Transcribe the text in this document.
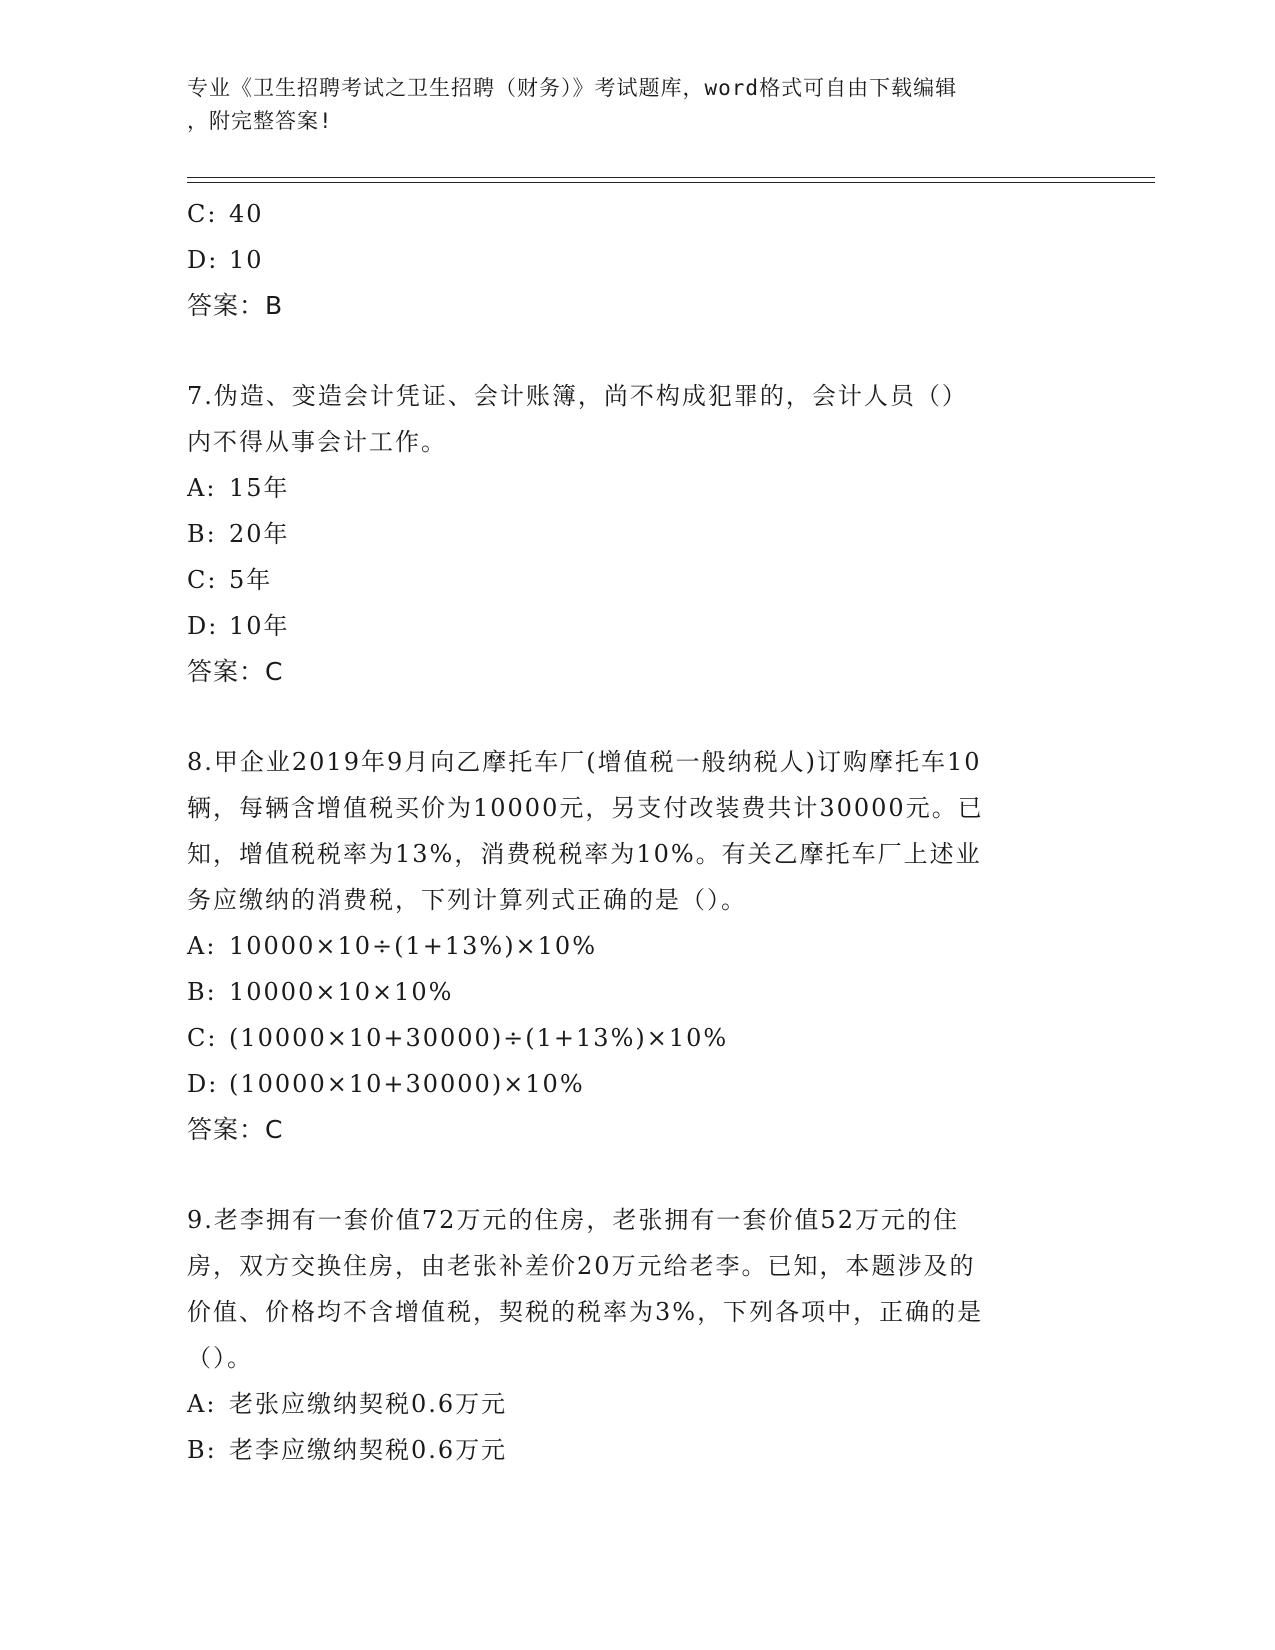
专业《卫生招聘考试之卫生招聘（财务）》考试题库，word格式可自由下载编辑
，附完整答案!
C: 40
D: 10
答案：B
7.伪造、变造会计凭证、会计账簿，尚不构成犯罪的，会计人员（）
内不得从事会计工作。
A: 15年
B: 20年
C: 5年
D: 10年
答案：C
8.甲企业2019年9月向乙摩托车厂(增值税一般纳税人)订购摩托车10
辆，每辆含增值税买价为10000元，另支付改装费共计30000元。已
知，增值税税率为13%，消费税税率为10%。有关乙摩托车厂上述业
务应缴纳的消费税，下列计算列式正确的是（）。
A: 10000×10÷(1+13%)×10%
B: 10000×10×10%
C: (10000×10+30000)÷(1+13%)×10%
D: (10000×10+30000)×10%
答案：C
9.老李拥有一套价值72万元的住房，老张拥有一套价值52万元的住
房，双方交换住房，由老张补差价20万元给老李。已知，本题涉及的
价值、价格均不含增值税，契税的税率为3%，下列各项中，正确的是
（）。
A: 老张应缴纳契税0.6万元
B: 老李应缴纳契税0.6万元
